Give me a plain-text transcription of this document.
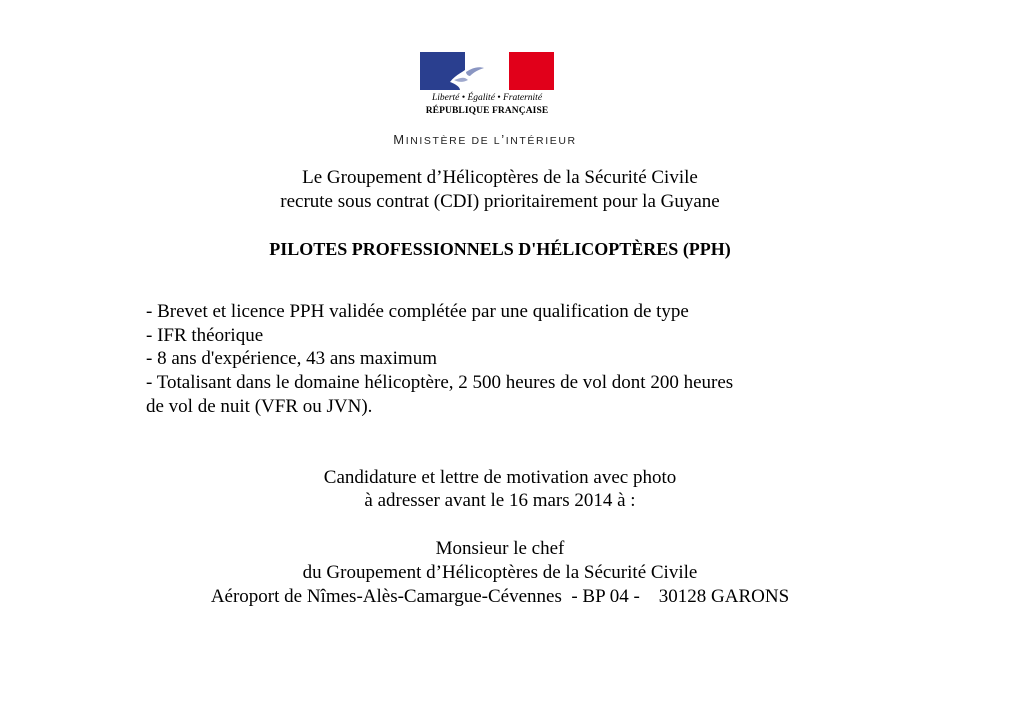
Liberté • Égalité • Fraternité
RÉPUBLIQUE FRANÇAISE
MINISTÈRE DE L’INTÉRIEUR
Le Groupement d’Hélicoptères de la Sécurité Civile
recrute sous contrat (CDI) prioritairement pour la Guyane
PILOTES PROFESSIONNELS D'HÉLICOPTÈRES (PPH)
- Brevet et licence PPH validée complétée par une qualification de type
- IFR théorique
- 8 ans d'expérience, 43 ans maximum
- Totalisant dans le domaine hélicoptère, 2 500 heures de vol dont 200 heures
de vol de nuit (VFR ou JVN).
Candidature et lettre de motivation avec photo
à adresser avant le 16 mars 2014 à :
Monsieur le chef
du Groupement d’Hélicoptères de la Sécurité Civile
Aéroport de Nîmes-Alès-Camargue-Cévennes  - BP 04 -    30128 GARONS
